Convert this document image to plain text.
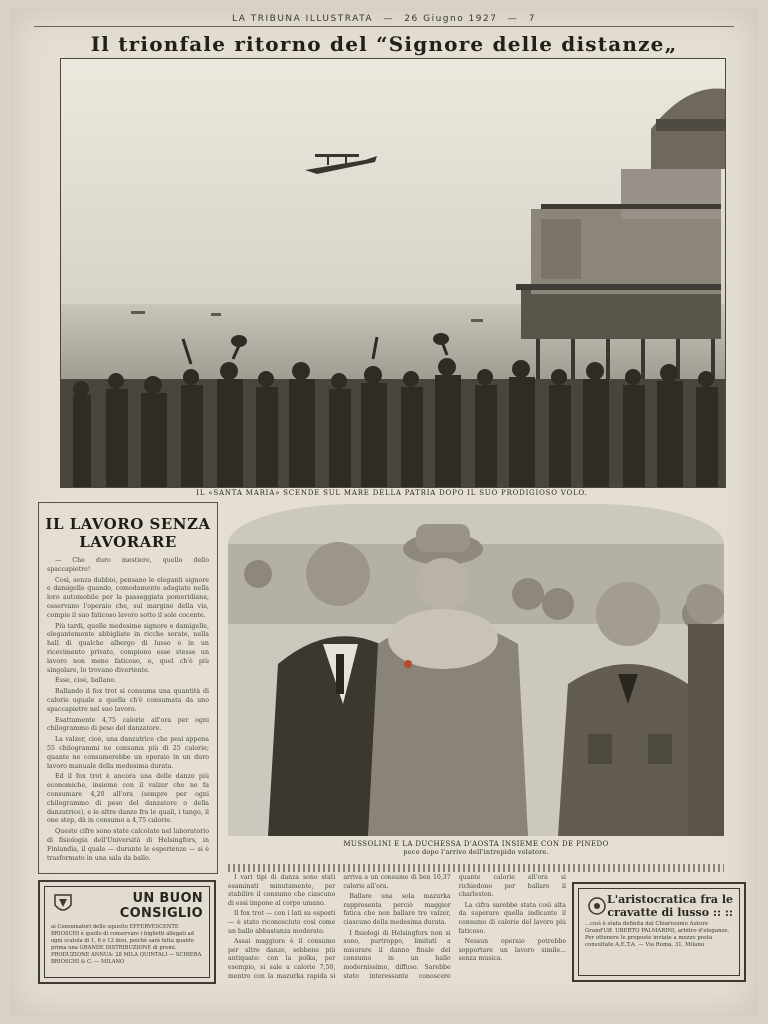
LA TRIBUNA ILLUSTRATA — 26 Giugno 1927 — 7
Il trionfale ritorno del “Signore delle distanze„
IL «SANTA MARIA» SCENDE SUL MARE DELLA PATRIA DOPO IL SUO PRODIGIOSO VOLO.
IL LAVORO SENZA LAVORARE

— Che duro mestiere, quello dello spaccapietre!

Così, senza dubbio, pensano le eleganti signore e damigelle quando, comodamente adagiate nella loro automobile per la passeggiata pomeridiana, osservano l'operaio che, sul margine della via, compie il suo faticoso lavoro sotto il sole cocente.

Più tardi, quelle medesime signore e damigelle, elegantemente abbigliate in ricche serate, nella hall di qualche albergo di lusso o in un ricevimento privato, compiono esse stesse un lavoro non meno faticoso, e, quel ch'è più singolare, lo trovano divertente.

Esse, cioè, ballano.

Ballando il fox trot si consuma una quantità di calorie uguale a quella ch'è consumata da uno spaccapietre nel suo lavoro.

Esattamente 4,75 calorie all'ora per ogni chilogrammo di peso del danzatore.

La valzer, cioè, una danzatrice che pesi appena 55 chilogrammi ne consuma più di 25 calorie; quante ne consumerebbe un operaio in un duro lavoro manuale della medesima durata.

Ed il fox trot è ancora una delle danze più economiche, insieme con il valzer che ne fa consumare 4,20 all'ora (sempre per ogni chilogrammo di peso del danzatore o della danzatrice), e le altre danze fra le quali, i tango, il one step, dà in consumo a 4,75 calorie.

Queste cifre sono state calcolate nel laboratorio di fisiologia dell'Università di Helsingfors, in Finlandia, il quale — durante le esperienze — si è trasformato in una sala da ballo.

MUSSOLINI E LA DUCHESSA D'AOSTA INSIEME CON DE PINEDO
poco dopo l'arrivo dell'intrepido volatore.
UN BUON CONSIGLIO
ai Consumatori dello squisito EFFERVESCENTE BRIOSCHI è quello di conservare i biglietti allegati ad ogni scatola di 1, 6 o 12 dosi, poichè sarà fatta quanto prima una GRANDE DISTRIBUZIONE di premi. PRODUZIONE ANNUA: 28 MILA QUINTALI — SCHIERA BRIOSCHI & C. — MILANO

I vari tipi di danza sono stati esaminati minutamente, per stabilire il consumo che ciascuno di essi impone al corpo umano.

Il fox trot — con i lati su esposti — è stato riconosciuto così come un ballo abbastanza moderato.

Assai maggiore è il consumo per altre danze, sebbene più antiquate: con la polka, per esempio, si sale a calorie 7,50, mentre con la mazurka rapida si arriva a un consumo di ben 10,37 calorie all'ora.

Ballare una sola mazurka rappresenta perciò maggior fatica che non ballare tre valzer, ciascuno della medesima durata.

I fisiologi di Helsingfors non si sono, purtroppo, limitati a misurare il danno finale del consumo in un ballo modernissimo, diffuso. Sarebbe stato interessante conoscere quante calorie all'ora si richiedono per ballare il charleston.

La cifra sarebbe stata così alta da superare quella indicante il consumo di calorie del lavoro più faticoso.

Nessun operaio potrebbe sopportare un lavoro simile... senza musica.

L'aristocratica fra le cravatte di lusso :: ::
...così è stata definita dal Chiarissimo Autore Grand'Uff. UBERTO PALMARINI, arbitro d'eleganze. Per ottenere le proposte inviate a mezzo posta consultate A.E.T.A. — Via Roma, 31, Milano
